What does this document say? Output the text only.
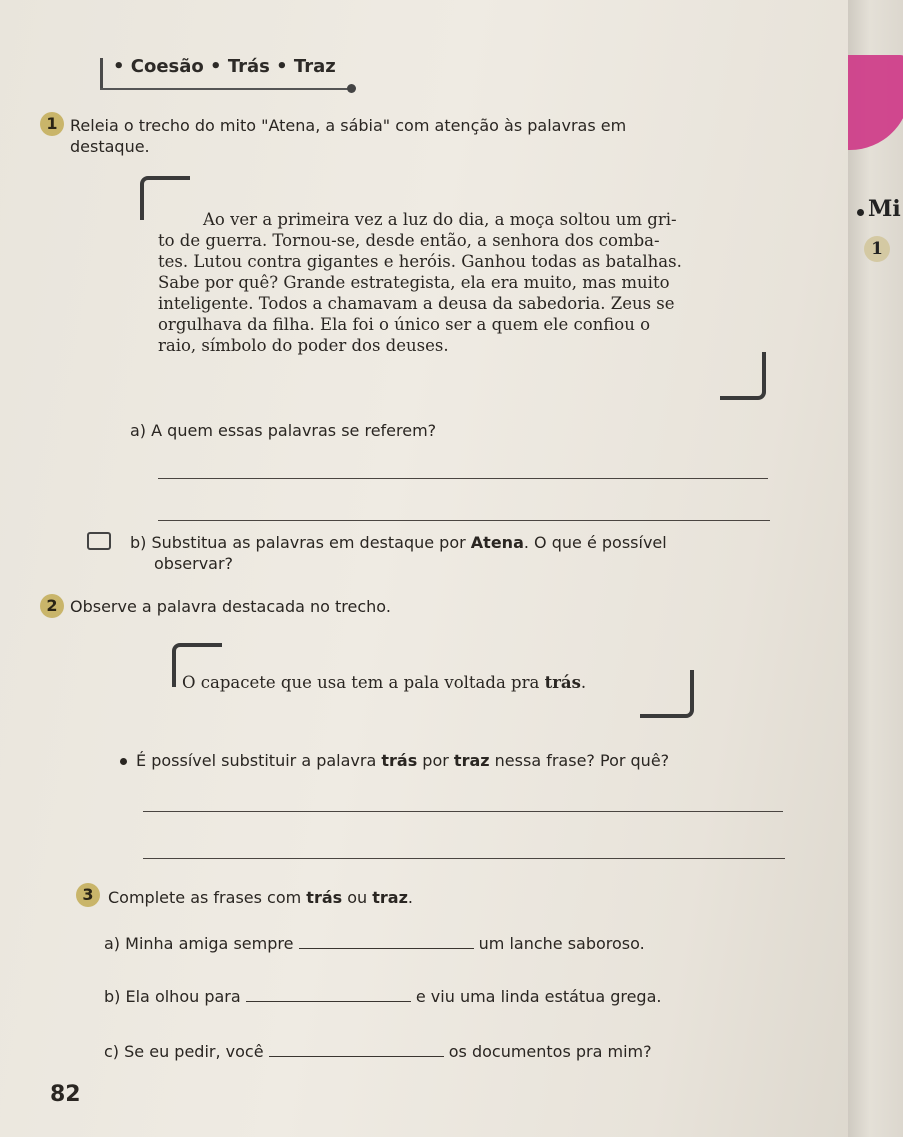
• Coesão • Trás • Traz
1 Releia o trecho do mito "Atena, a sábia" com atenção às palavras em
destaque.
Ao ver a primeira vez a luz do dia, a moça soltou um gri-
to de guerra. Tornou-se, desde então, a senhora dos comba-
tes. Lutou contra gigantes e heróis. Ganhou todas as batalhas.
Sabe por quê? Grande estrategista, ela era muito, mas muito
inteligente. Todos a chamavam a deusa da sabedoria. Zeus se
orgulhava da filha. Ela foi o único ser a quem ele confiou o
raio, símbolo do poder dos deuses.
a) A quem essas palavras se referem?
b) Substitua as palavras em destaque por Atena. O que é possível
observar?
2 Observe a palavra destacada no trecho.
O capacete que usa tem a pala voltada pra trás.
É possível substituir a palavra trás por traz nessa frase? Por quê?
3 Complete as frases com trás ou traz.
a) Minha amiga sempre	um lanche saboroso.
b) Ela olhou para	e viu uma linda estátua grega.
c) Se eu pedir, você	os documentos pra mim?
82
Mi
1
